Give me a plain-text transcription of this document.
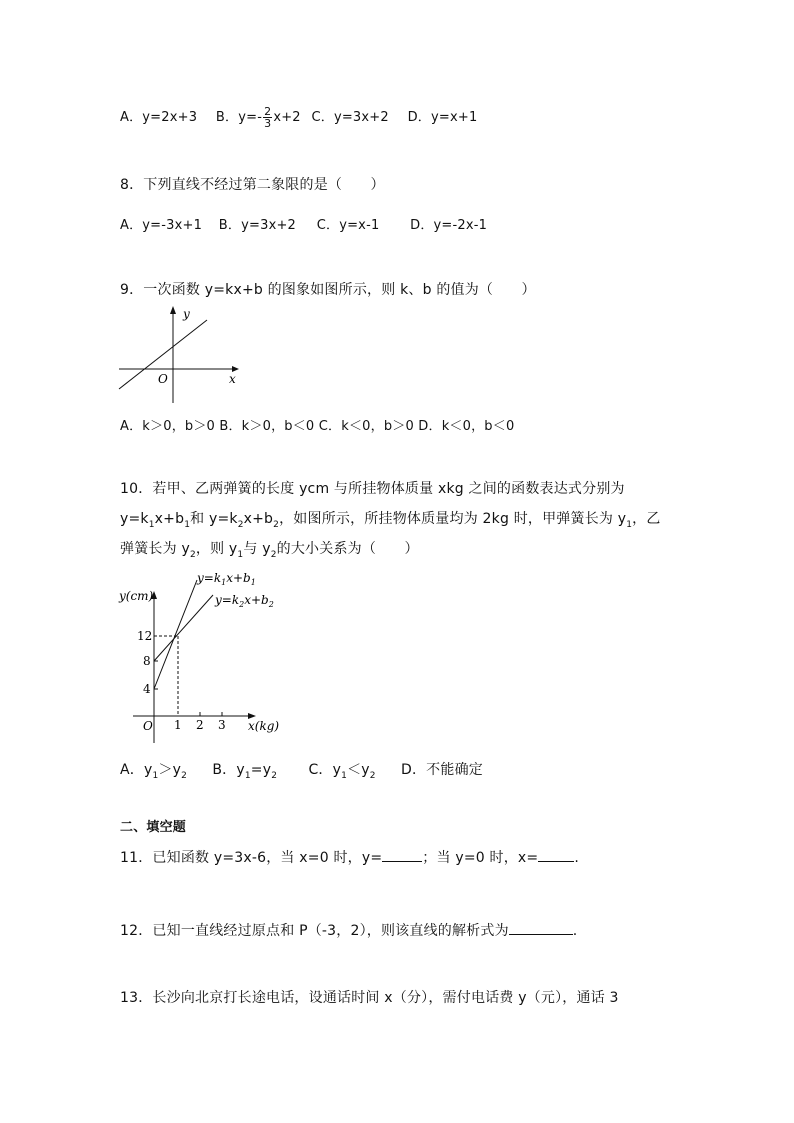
A．y=2x+3 B．$y=- \frac{2}{3} x+2$ C．y=3x+2 D．y=x+1
8．下列直线不经过第二象限的是（　　）
A．y=-3x+1 B．y=3x+2 C．y=x-1 D．y=-2x-1
9．一次函数 y=kx+b 的图象如图所示，则 k、b 的值为（　　）
y
x
O
A．k＞0，b＞0 B．k＞0，b＜0 C．k＜0，b＞0 D．k＜0，b＜0
10．若甲、乙两弹簧的长度 ycm 与所挂物体质量 xkg 之间的函数表达式分别为
$y=k_1x+b_1$和 $y=k_2x+b_2$，如图所示，所挂物体质量均为 2kg 时，甲弹簧长为 $y_1$，乙
弹簧长为 $y_2$，则 $y_1$与 $y_2$的大小关系为（　　）
$y=k_1x+b_1$
$y=k_2x+b_2$
y(cm)
x(kg)
O
12
8
4
1 2 3
A．$y_1>y_2$ B．$y_1=y_2$ C．$y_1<y_2$ D．不能确定
二、填空题
11．已知函数 y=3x-6，当 x=0 时，y=	；当 y=0 时，x=	.
12．已知一直线经过原点和 P（-3，2），则该直线的解析式为	.
13．长沙向北京打长途电话，设通话时间 x（分），需付电话费 y（元），通话 3
